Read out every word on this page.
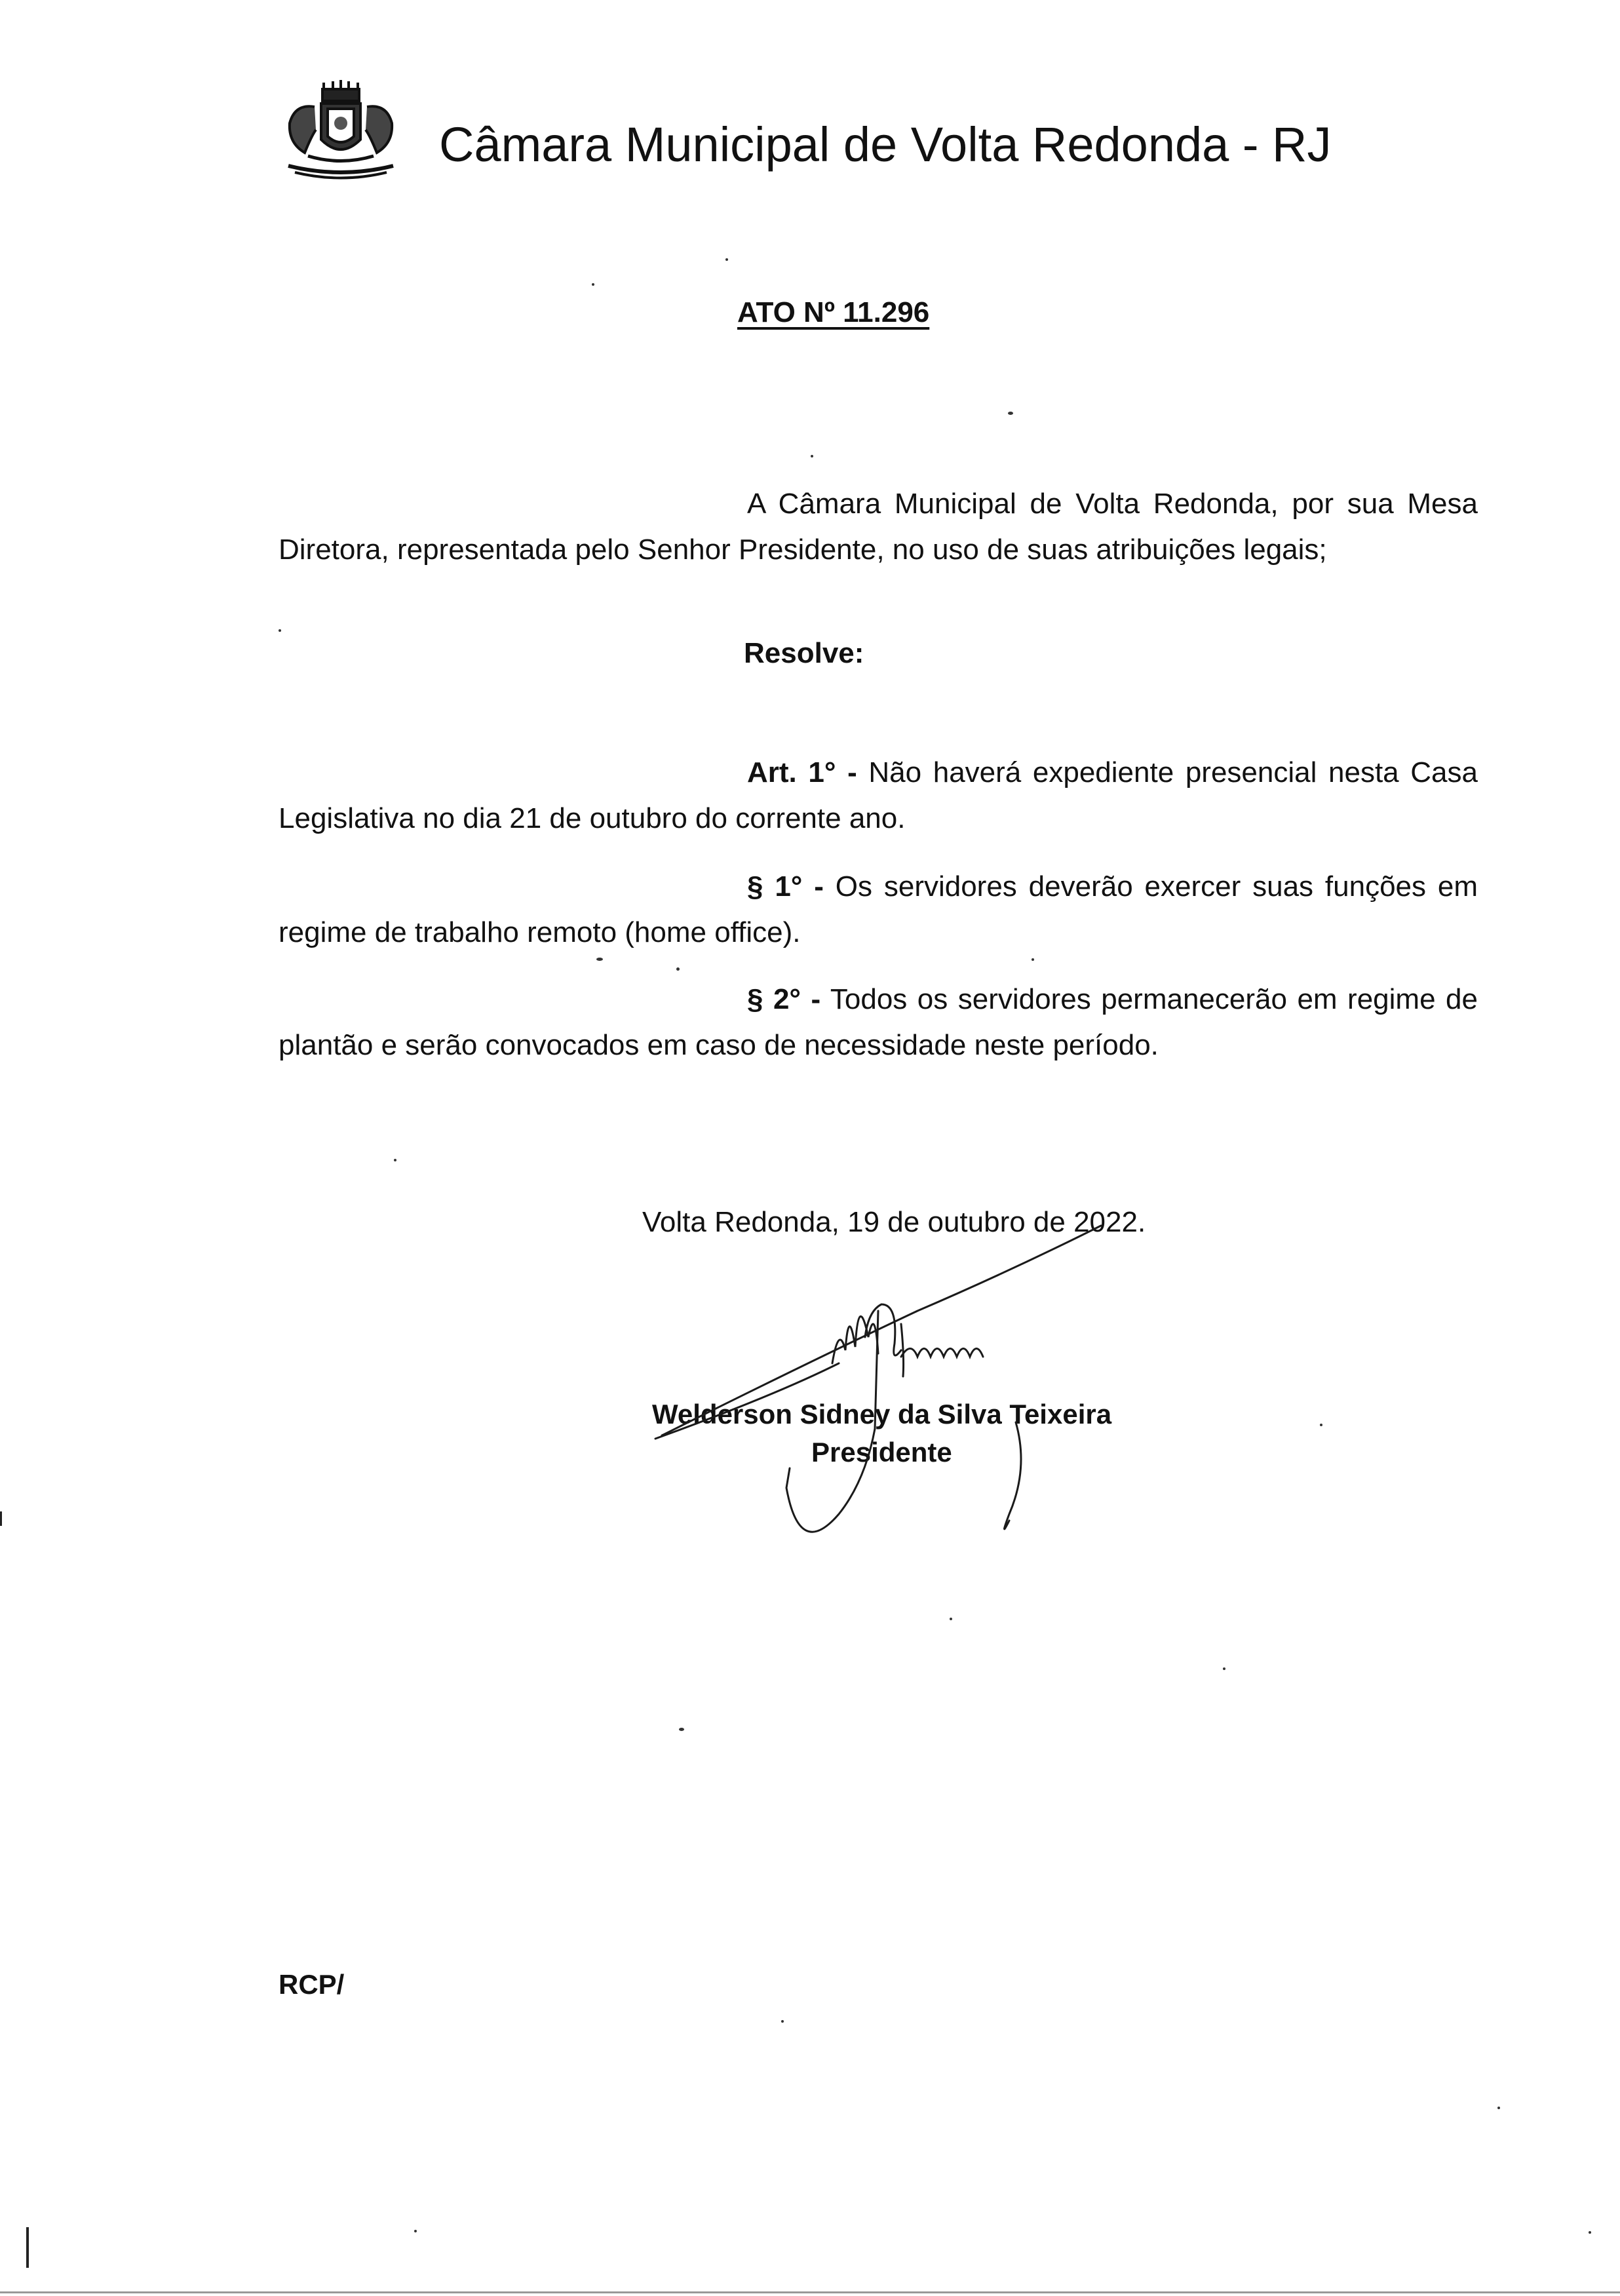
Câmara Municipal de Volta Redonda - RJ
ATO Nº 11.296
A Câmara Municipal de Volta Redonda, por sua Mesa
Diretora, representada pelo Senhor Presidente, no uso de suas atribuições legais;
Resolve:
Art. 1° - Não haverá expediente presencial nesta Casa
Legislativa no dia 21 de outubro do corrente ano.
§ 1° - Os servidores deverão exercer suas funções em
regime de trabalho remoto (home office).
§ 2° - Todos os servidores permanecerão em regime de
plantão e serão convocados em caso de necessidade neste período.
Volta Redonda, 19 de outubro de 2022.
Welderson Sidney da Silva Teixeira
Presidente
RCP/
